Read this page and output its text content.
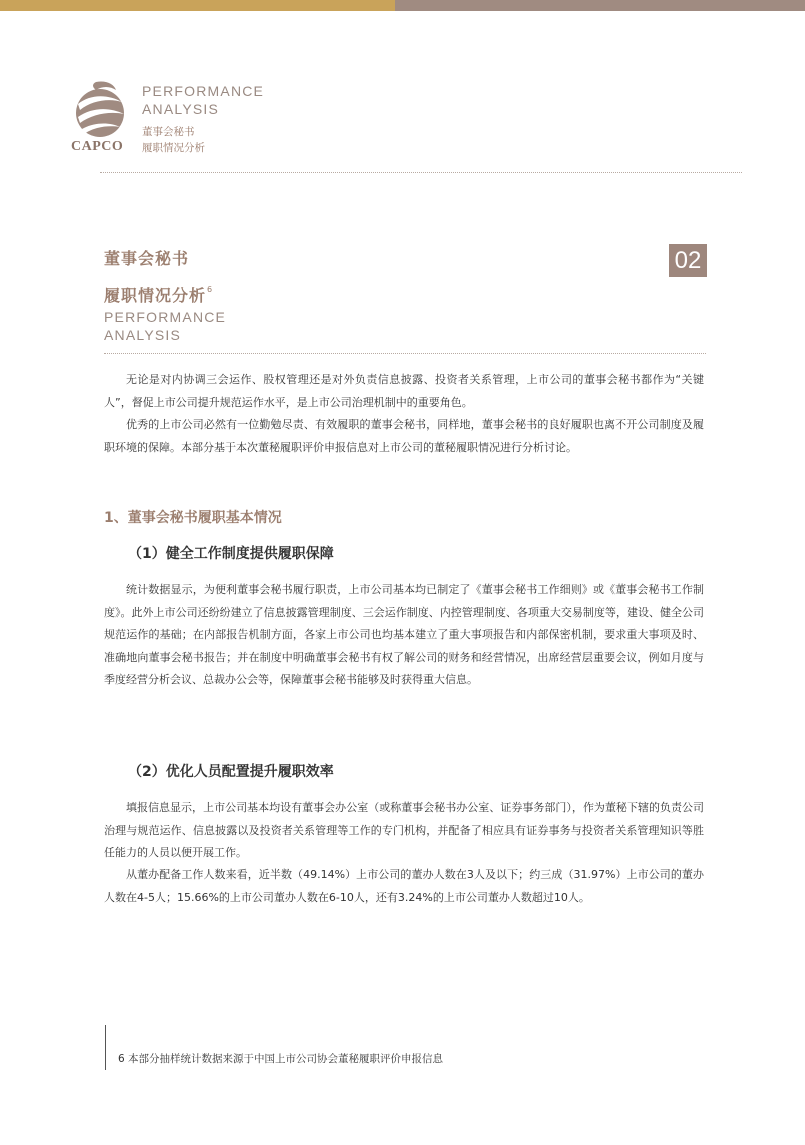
CAPCO
PERFORMANCE
ANALYSIS
董事会秘书
履职情况分析
董事会秘书
履职情况分析$^6$
PERFORMANCE
ANALYSIS
02

无论是对内协调三会运作、股权管理还是对外负责信息披露、投资者关系管理，上市公司的董事会秘书都作为“关键人”，督促上市公司提升规范运作水平，是上市公司治理机制中的重要角色。

优秀的上市公司必然有一位勤勉尽责、有效履职的董事会秘书，同样地，董事会秘书的良好履职也离不开公司制度及履职环境的保障。本部分基于本次董秘履职评价申报信息对上市公司的董秘履职情况进行分析讨论。

1、董事会秘书履职基本情况
（1）健全工作制度提供履职保障

统计数据显示，为便利董事会秘书履行职责，上市公司基本均已制定了《董事会秘书工作细则》或《董事会秘书工作制度》。此外上市公司还纷纷建立了信息披露管理制度、三会运作制度、内控管理制度、各项重大交易制度等，建设、健全公司规范运作的基础；在内部报告机制方面，各家上市公司也均基本建立了重大事项报告和内部保密机制，要求重大事项及时、准确地向董事会秘书报告；并在制度中明确董事会秘书有权了解公司的财务和经营情况，出席经营层重要会议，例如月度与季度经营分析会议、总裁办公会等，保障董事会秘书能够及时获得重大信息。

（2）优化人员配置提升履职效率

填报信息显示，上市公司基本均设有董事会办公室（或称董事会秘书办公室、证券事务部门），作为董秘下辖的负责公司治理与规范运作、信息披露以及投资者关系管理等工作的专门机构，并配备了相应具有证券事务与投资者关系管理知识等胜任能力的人员以便开展工作。

从董办配备工作人数来看，近半数（49.14%）上市公司的董办人数在3人及以下；约三成（31.97%）上市公司的董办人数在4-5人；15.66%的上市公司董办人数在6-10人，还有3.24%的上市公司董办人数超过10人。

6 本部分抽样统计数据来源于中国上市公司协会董秘履职评价申报信息
